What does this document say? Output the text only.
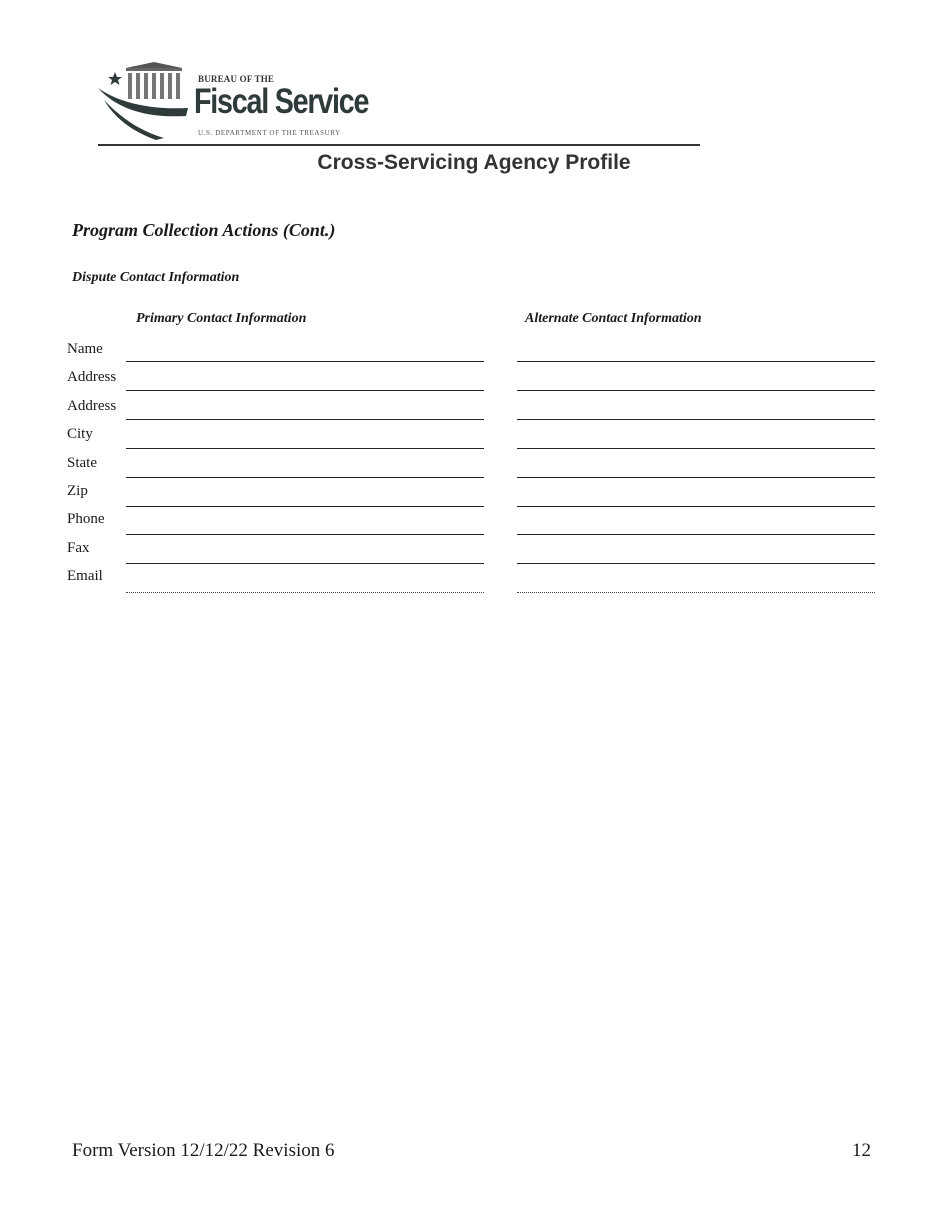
BUREAU OF THE
Fiscal Service
U.S. DEPARTMENT OF THE TREASURY
Cross-Servicing Agency Profile
Program Collection Actions (Cont.)
Dispute Contact Information
Primary Contact Information	Alternate Contact Information
Name
Address
Address
City
State
Zip
Phone
Fax
Email
Form Version 12/12/22 Revision 6	12
